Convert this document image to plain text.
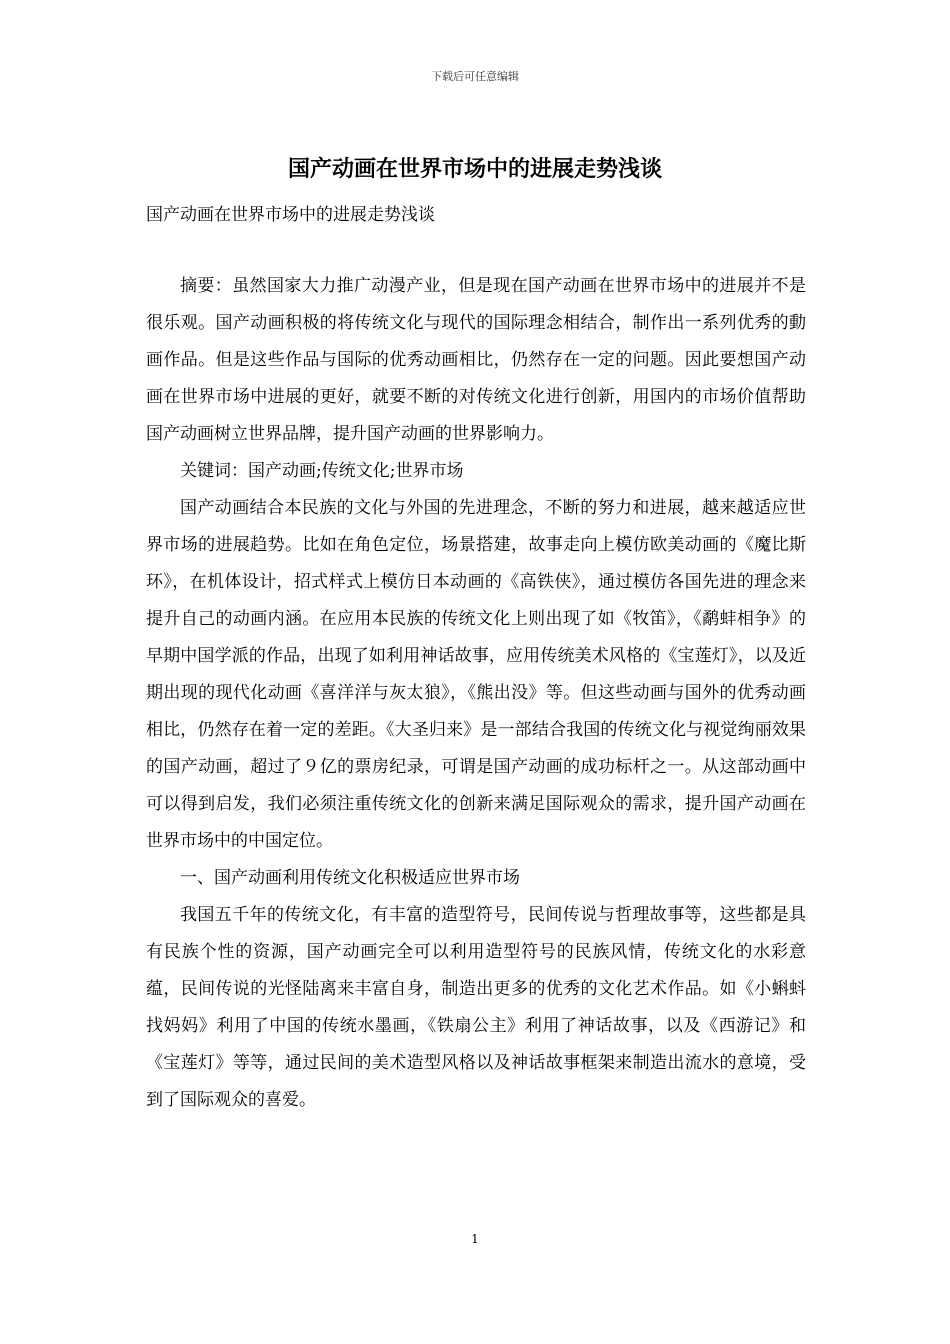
下载后可任意编辑
国产动画在世界市场中的进展走势浅谈
国产动画在世界市场中的进展走势浅谈

摘要：虽然国家大力推广动漫产业，但是现在国产动画在世界市场中的进展并不是很乐观。国产动画积极的将传统文化与现代的国际理念相结合，制作出一系列优秀的動画作品。但是这些作品与国际的优秀动画相比，仍然存在一定的问题。因此要想国产动画在世界市场中进展的更好，就要不断的对传统文化进行创新，用国内的市场价值帮助国产动画树立世界品牌，提升国产动画的世界影响力。

关键词：国产动画;传统文化;世界市场

国产动画结合本民族的文化与外国的先进理念，不断的努力和进展，越来越适应世界市场的进展趋势。比如在角色定位，场景搭建，故事走向上模仿欧美动画的《魔比斯环》，在机体设计，招式样式上模仿日本动画的《高铁侠》，通过模仿各国先进的理念来提升自己的动画内涵。在应用本民族的传统文化上则出现了如《牧笛》，《鹬蚌相争》的早期中国学派的作品，出现了如利用神话故事，应用传统美术风格的《宝莲灯》，以及近期出现的现代化动画《喜洋洋与灰太狼》，《熊出没》等。但这些动画与国外的优秀动画相比，仍然存在着一定的差距。《大圣归来》是一部结合我国的传统文化与视觉绚丽效果的国产动画，超过了９亿的票房纪录，可谓是国产动画的成功标杆之一。从这部动画中可以得到启发，我们必须注重传统文化的创新来满足国际观众的需求，提升国产动画在世界市场中的中国定位。

一、国产动画利用传统文化积极适应世界市场

我国五千年的传统文化，有丰富的造型符号，民间传说与哲理故事等，这些都是具有民族个性的资源，国产动画完全可以利用造型符号的民族风情，传统文化的水彩意蕴，民间传说的光怪陆离来丰富自身，制造出更多的优秀的文化艺术作品。如《小蝌蚪找妈妈》利用了中国的传统水墨画，《铁扇公主》利用了神话故事，以及《西游记》和《宝莲灯》等等，通过民间的美术造型风格以及神话故事框架来制造出流水的意境，受到了国际观众的喜爱。

1
